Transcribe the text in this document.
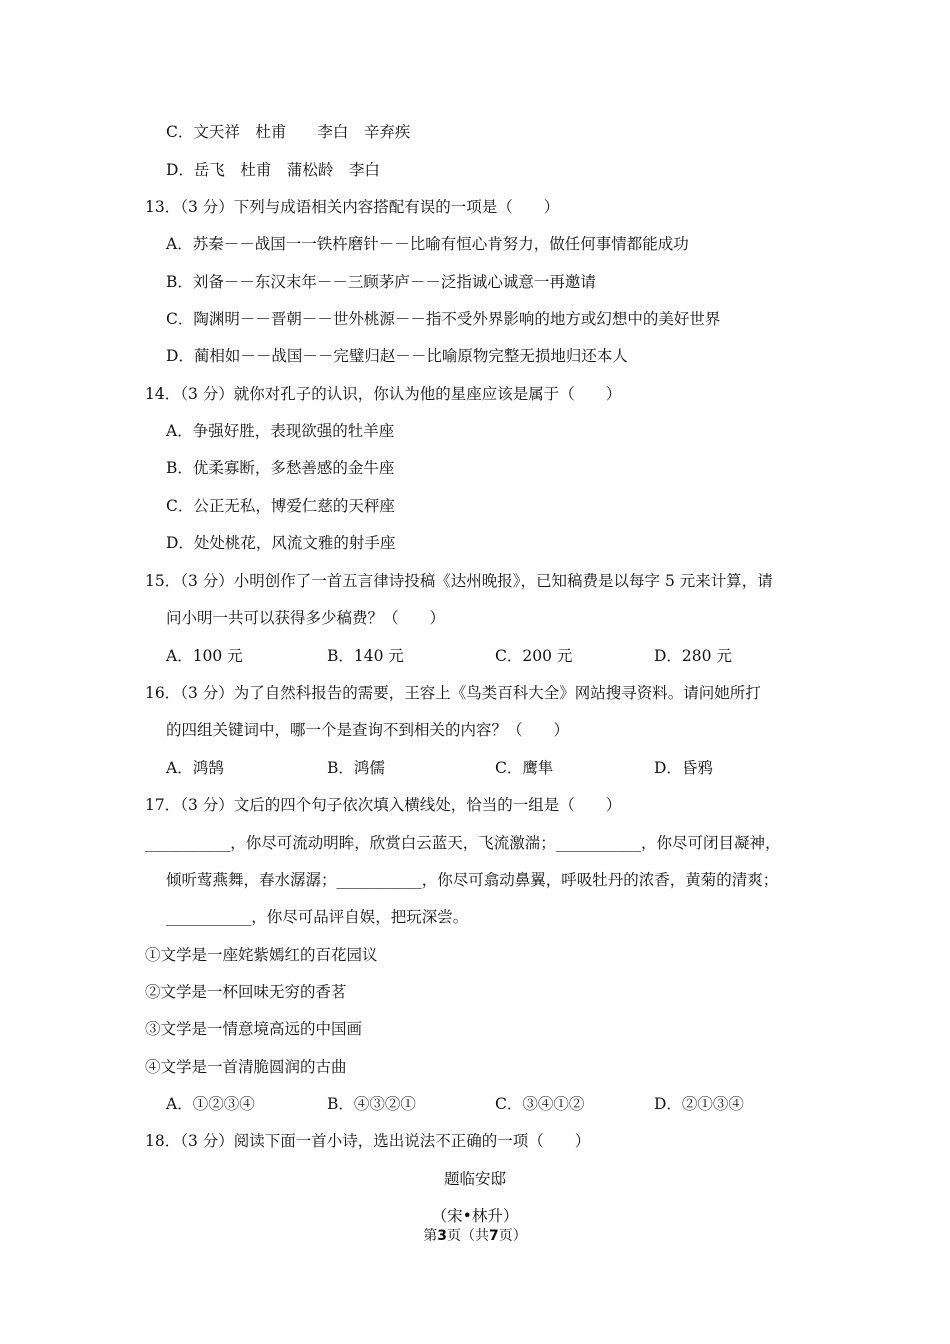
C．文天祥　杜甫　　李白　辛弃疾
D．岳飞　杜甫　蒲松龄　李白
13．（3 分）下列与成语相关内容搭配有误的一项是（　　）
A．苏秦－－战国一一铁杵磨针－－比喻有恒心肯努力，做任何事情都能成功
B．刘备－－东汉末年－－三顾茅庐－－泛指诚心诚意一再邀请
C．陶渊明－－晋朝－－世外桃源－－指不受外界影响的地方或幻想中的美好世界
D．蔺相如－－战国－－完璧归赵－－比喻原物完整无损地归还本人
14．（3 分）就你对孔子的认识，你认为他的星座应该是属于（　　）
A．争强好胜，表现欲强的牡羊座
B．优柔寡断，多愁善感的金牛座
C．公正无私，博爱仁慈的天秤座
D．处处桃花，风流文雅的射手座
15．（3 分）小明创作了一首五言律诗投稿《达州晚报》，已知稿费是以每字 5 元来计算，请
问小明一共可以获得多少稿费？（　　）
A．100 元	B．140 元	C．200 元	D．280 元
16．（3 分）为了自然科报告的需要，王容上《鸟类百科大全》网站搜寻资料。请问她所打
的四组关键词中，哪一个是查询不到相关的内容？（　　）
A．鸿鹄	B．鸿儒	C．鹰隼	D．昏鸦
17．（3 分）文后的四个句子依次填入横线处，恰当的一组是（　　）
___________，你尽可流动明眸，欣赏白云蓝天，飞流激湍；___________，你尽可闭目凝神，
倾听莺燕舞，春水潺潺；___________，你尽可翕动鼻翼，呼吸牡丹的浓香，黄菊的清爽；
___________，你尽可品评自娱，把玩深尝。
①文学是一座姹紫嫣红的百花园议
②文学是一杯回味无穷的香茗
③文学是一情意境高远的中国画
④文学是一首清脆圆润的古曲
A．①②③④	B．④③②①	C．③④①②	D．②①③④
18．（3 分）阅读下面一首小诗，选出说法不正确的一项（　　）
题临安邸
（宋•林升）
第3页（共7页）
